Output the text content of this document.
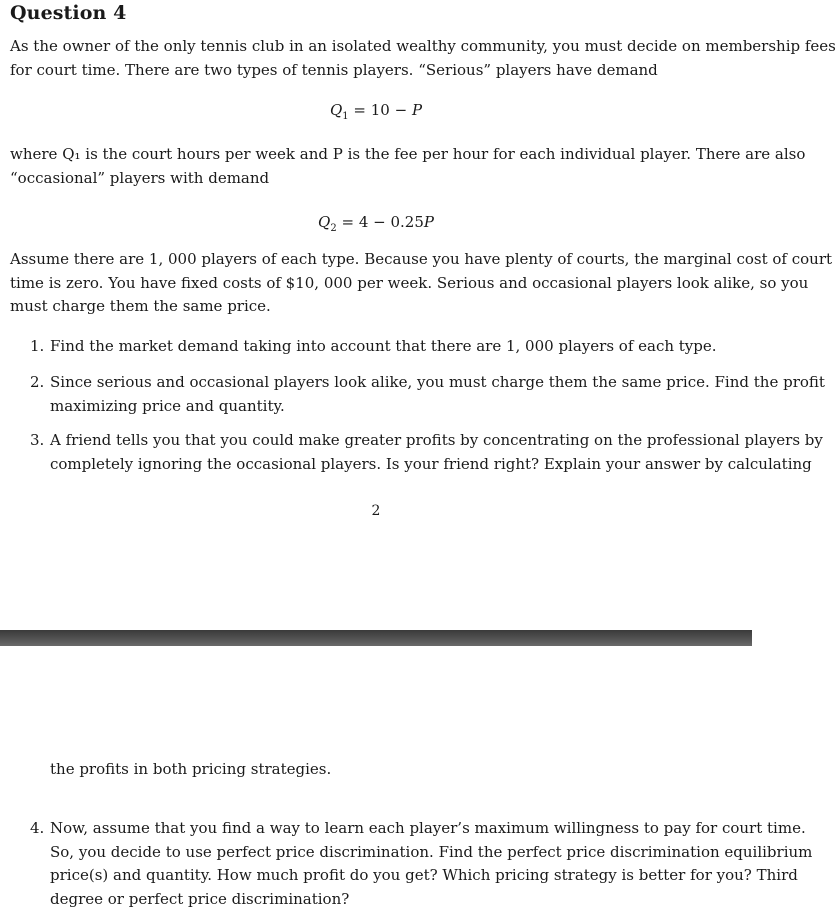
Question 4
As the owner of the only tennis club in an isolated wealthy community, you must decide on membership fees
for court time. There are two types of tennis players. “Serious” players have demand
$Q_1 = 10 - P$
where Q₁ is the court hours per week and P is the fee per hour for each individual player. There are also
“occasional” players with demand
$Q_2 = 4 - 0.25P$
Assume there are 1, 000 players of each type. Because you have plenty of courts, the marginal cost of court
time is zero. You have fixed costs of $10, 000 per week. Serious and occasional players look alike, so you
must charge them the same price.
1. Find the market demand taking into account that there are 1, 000 players of each type.
2. Since serious and occasional players look alike, you must charge them the same price. Find the profit
maximizing price and quantity.
3. A friend tells you that you could make greater profits by concentrating on the professional players by
completely ignoring the occasional players. Is your friend right? Explain your answer by calculating
2
the profits in both pricing strategies.
4. Now, assume that you find a way to learn each player’s maximum willingness to pay for court time.
So, you decide to use perfect price discrimination. Find the perfect price discrimination equilibrium
price(s) and quantity. How much profit do you get? Which pricing strategy is better for you? Third
degree or perfect price discrimination?
